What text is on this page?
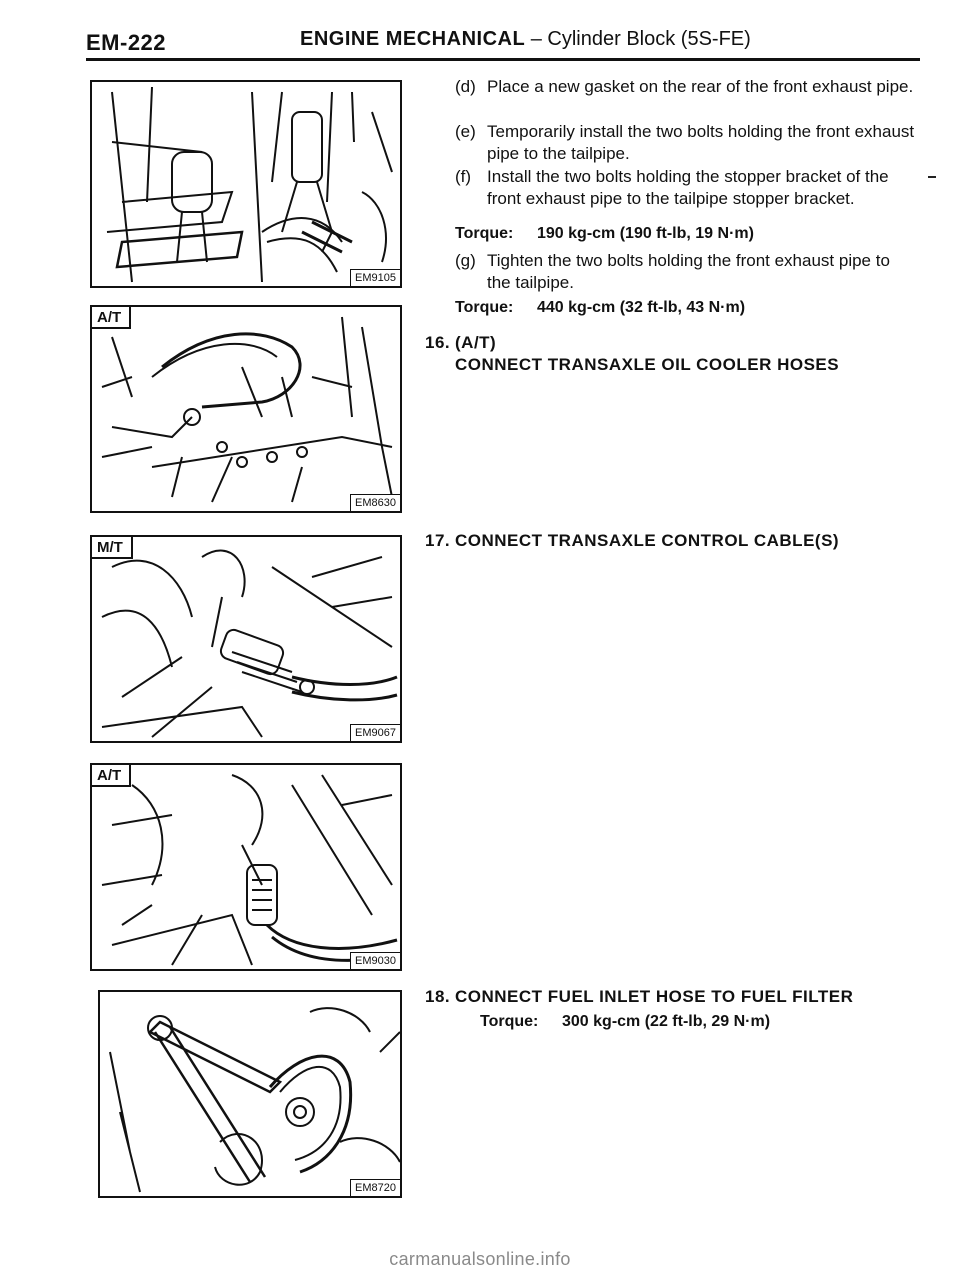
EM-222	ENGINE MECHANICAL – Cylinder Block (5S-FE)
EM9105
A/T
EM8630
M/T
EM9067
A/T
EM9030
EM8720
(d) Place a new gasket on the rear of the front exhaust pipe.
(e) Temporarily install the two bolts holding the front exhaust pipe to the tailpipe.
(f) Install the two bolts holding the stopper bracket of the front exhaust pipe to the tailpipe stopper bracket.
Torque: 190 kg-cm (190 ft-lb, 19 N·m)
(g) Tighten the two bolts holding the front exhaust pipe to the tailpipe.
Torque: 440 kg-cm (32 ft-lb, 43 N·m)
16. (A/T)
CONNECT TRANSAXLE OIL COOLER HOSES
17. CONNECT TRANSAXLE CONTROL CABLE(S)
18. CONNECT FUEL INLET HOSE TO FUEL FILTER
Torque: 300 kg-cm (22 ft-lb, 29 N·m)
carmanualsonline.info
